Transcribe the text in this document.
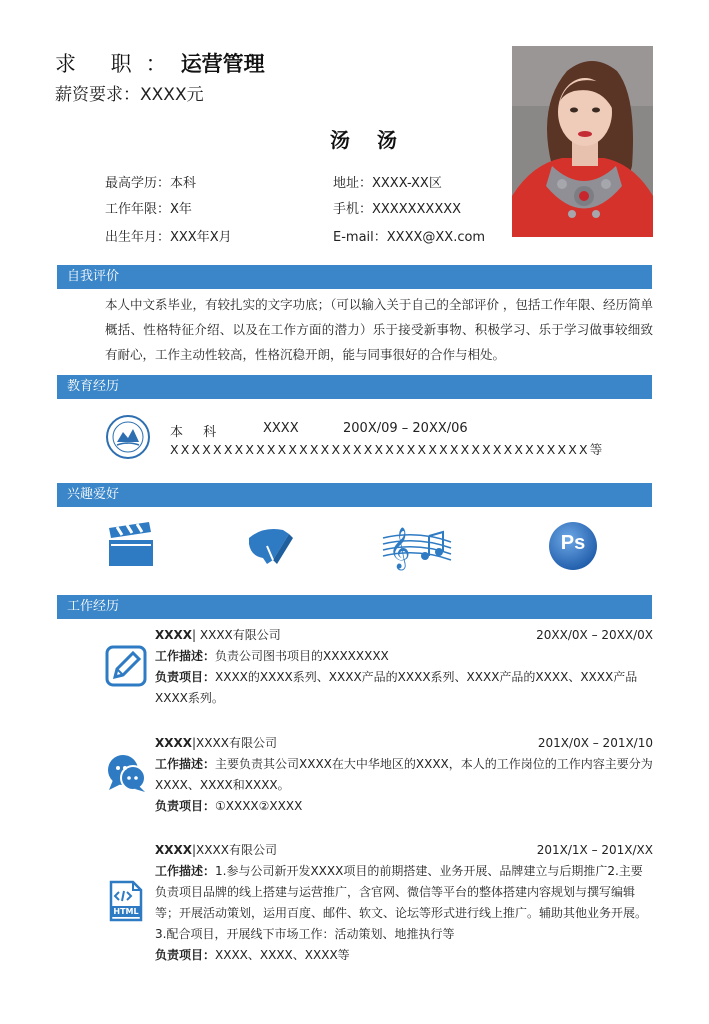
求 职：运营管理
薪资要求：XXXX元
汤 汤
最高学历：本科
工作年限：X年
出生年月：XXX年X月
地址：XXXX-XX区
手机：XXXXXXXXXX
E-mail：XXXX@XX.com
自我评价
本人中文系毕业，有较扎实的文字功底；（可以输入关于自己的全部评价 ，包括工作年限、经历简单概括、性格特征介绍、以及在工作方面的潜力）乐于接受新事物、积极学习、乐于学习做事较细致有耐心，工作主动性较高，性格沉稳开朗，能与同事很好的合作与相处。
教育经历
本 科	XXXX	200X/09 – 20XX/06
XXXXXXXXXXXXXXXXXXXXXXXXXXXXXXXXXXXXXXX等
兴趣爱好
𝄞	Ps
工作经历
XXXX| XXXX有限公司	20XX/0X – 20XX/0X
工作描述：负责公司图书项目的XXXXXXXX
负责项目：XXXX的XXXX系列、XXXX产品的XXXX系列、XXXX产品的XXXX、XXXX产品XXXX系列。
XXXX|XXXX有限公司	201X/0X – 201X/10
工作描述：主要负责其公司XXXX在大中华地区的XXXX，本人的工作岗位的工作内容主要分为XXXX、XXXX和XXXX。
负责项目：①XXXX②XXXX
HTML
XXXX|XXXX有限公司	201X/1X – 201X/XX
工作描述：1.参与公司新开发XXXX项目的前期搭建、业务开展、品牌建立与后期推广2.主要负责项目品牌的线上搭建与运营推广，含官网、微信等平台的整体搭建内容规划与撰写编辑等；开展活动策划，运用百度、邮件、软文、论坛等形式进行线上推广。辅助其他业务开展。3.配合项目，开展线下市场工作：活动策划、地推执行等
负责项目：XXXX、XXXX、XXXX等
